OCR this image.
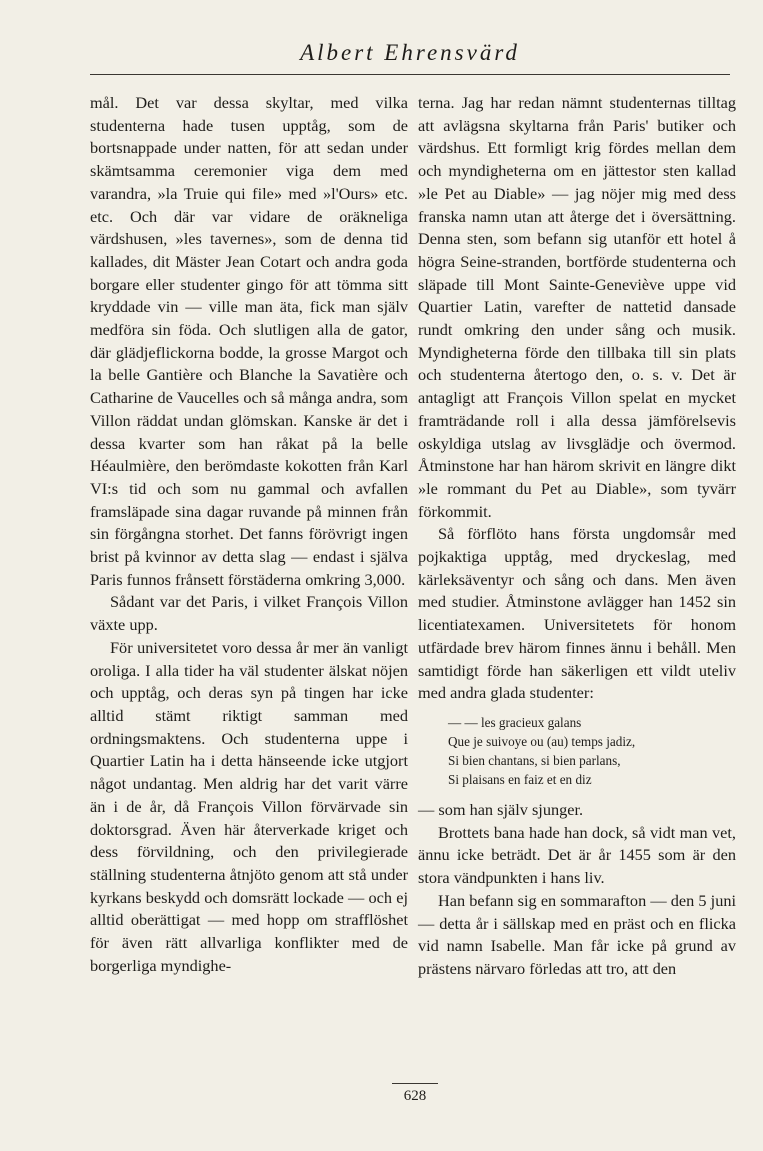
Albert Ehrensvärd

mål. Det var dessa skyltar, med vilka studenterna hade tusen upptåg, som de bortsnappade under natten, för att sedan under skämtsamma ceremonier viga dem med varandra, »la Truie qui file» med »l'Ours» etc. etc. Och där var vidare de oräkneliga värdshusen, »les tavernes», som de denna tid kallades, dit Mäster Jean Cotart och andra goda borgare eller studenter gingo för att tömma sitt kryddade vin — ville man äta, fick man själv medföra sin föda. Och slutligen alla de gator, där glädjeflickorna bodde, la grosse Margot och la belle Gantière och Blanche la Savatière och Catharine de Vaucelles och så många andra, som Villon räddat undan glömskan. Kanske är det i dessa kvarter som han råkat på la belle Héaulmière, den berömdaste kokotten från Karl VI:s tid och som nu gammal och avfallen framsläpade sina dagar ruvande på minnen från sin förgångna storhet. Det fanns förövrigt ingen brist på kvinnor av detta slag — endast i själva Paris funnos frånsett förstäderna omkring 3,000.

Sådant var det Paris, i vilket François Villon växte upp.

För universitetet voro dessa år mer än vanligt oroliga. I alla tider ha väl studenter älskat nöjen och upptåg, och deras syn på tingen har icke alltid stämt riktigt samman med ordningsmaktens. Och studenterna uppe i Quartier Latin ha i detta hänseende icke utgjort något undantag. Men aldrig har det varit värre än i de år, då François Villon förvärvade sin doktorsgrad. Även här återverkade kriget och dess förvildning, och den privilegierade ställning studenterna åtnjöto genom att stå under kyrkans beskydd och domsrätt lockade — och ej alltid oberättigat — med hopp om strafflöshet för även rätt allvarliga konflikter med de borgerliga myndighe-

terna. Jag har redan nämnt studenternas tilltag att avlägsna skyltarna från Paris' butiker och värdshus. Ett formligt krig fördes mellan dem och myndigheterna om en jättestor sten kallad »le Pet au Diable» — jag nöjer mig med dess franska namn utan att återge det i översättning. Denna sten, som befann sig utanför ett hotel å högra Seine-stranden, bortförde studenterna och släpade till Mont Sainte-Geneviève uppe vid Quartier Latin, varefter de nattetid dansade rundt omkring den under sång och musik. Myndigheterna förde den tillbaka till sin plats och studenterna återtogo den, o. s. v. Det är antagligt att François Villon spelat en mycket framträdande roll i alla dessa jämförelsevis oskyldiga utslag av livsglädje och övermod. Åtminstone har han härom skrivit en längre dikt »le rommant du Pet au Diable», som tyvärr förkommit.

Så förflöto hans första ungdomsår med pojkaktiga upptåg, med dryckeslag, med kärleksäventyr och sång och dans. Men även med studier. Åtminstone avlägger han 1452 sin licentiatexamen. Universitetets för honom utfärdade brev härom finnes ännu i behåll. Men samtidigt förde han säkerligen ett vildt uteliv med andra glada studenter:

— — les gracieux galans
Que je suivoye ou (au) temps jadiz,
Si bien chantans, si bien parlans,
Si plaisans en faiz et en diz

— som han själv sjunger.

Brottets bana hade han dock, så vidt man vet, ännu icke beträdt. Det är år 1455 som är den stora vändpunkten i hans liv.

Han befann sig en sommarafton — den 5 juni — detta år i sällskap med en präst och en flicka vid namn Isabelle. Man får icke på grund av prästens närvaro förledas att tro, att den

628
